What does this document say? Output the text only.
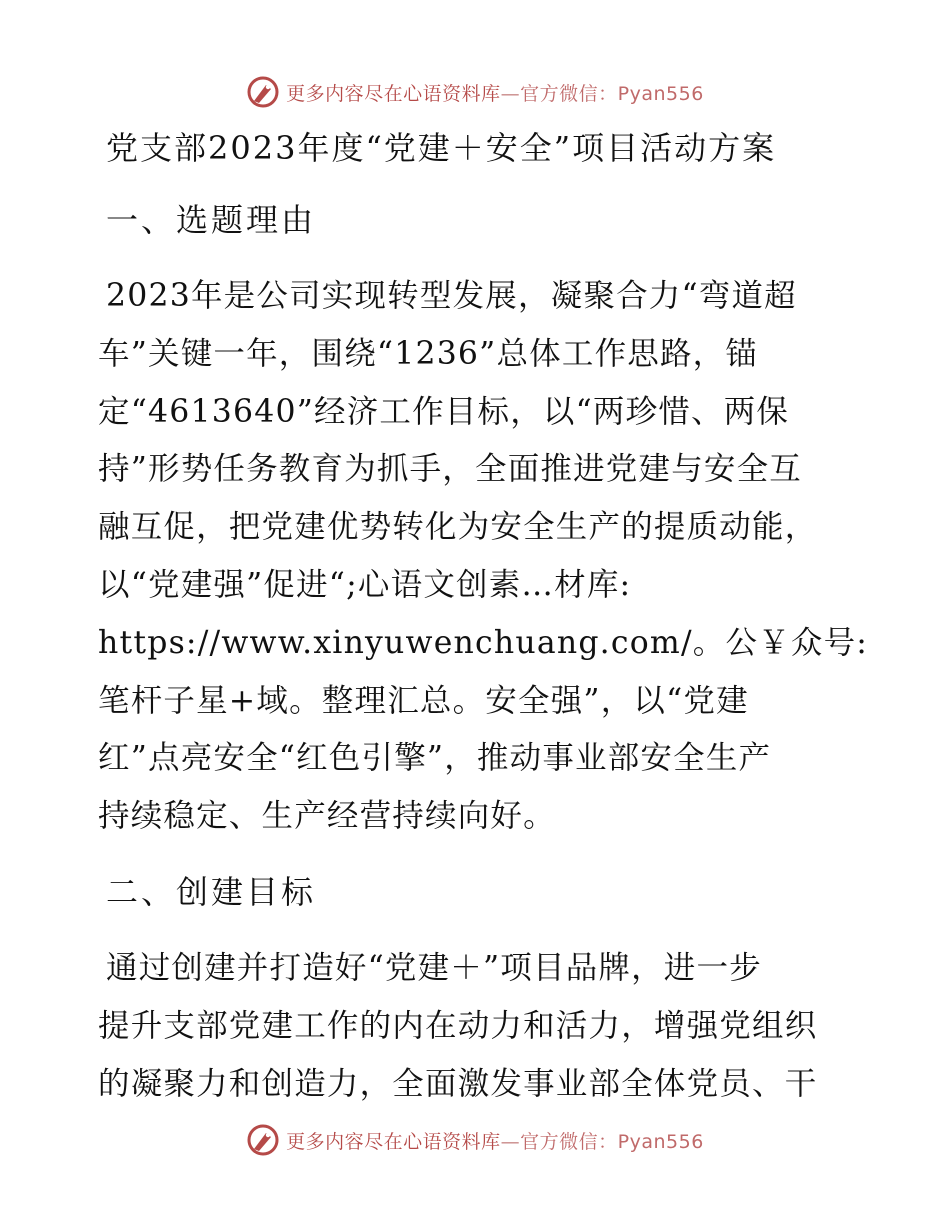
更多内容尽在心语资料库—官方微信：Pyan556
党支部2023年度“党建＋安全”项目活动方案
一、选题理由
2023年是公司实现转型发展，凝聚合力“弯道超
车”关键一年，围绕“1236”总体工作思路，锚
定“4613640”经济工作目标，以“两珍惜、两保
持”形势任务教育为抓手，全面推进党建与安全互
融互促，把党建优势转化为安全生产的提质动能，
以“党建强”促进“;心语文创素…材库:
https://www.xinyuwenchuang.com/。公￥众号:
笔杆子星+域。整理汇总。安全强”，以“党建
红”点亮安全“红色引擎”，推动事业部安全生产
持续稳定、生产经营持续向好。
二、创建目标
通过创建并打造好“党建＋”项目品牌，进一步
提升支部党建工作的内在动力和活力，增强党组织
的凝聚力和创造力，全面激发事业部全体党员、干
更多内容尽在心语资料库—官方微信：Pyan556
